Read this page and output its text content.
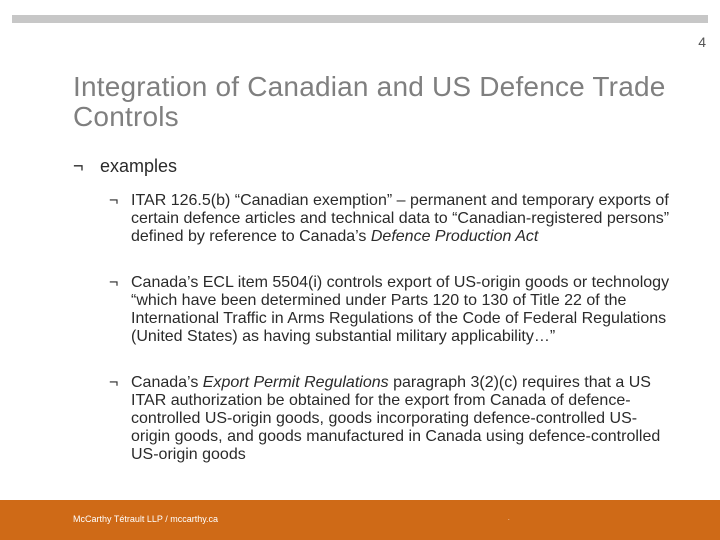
4
Integration of Canadian and US Defence Trade Controls
¬ examples
¬ ITAR 126.5(b) “Canadian exemption” – permanent and temporary exports of certain defence articles and technical data to “Canadian-registered persons” defined by reference to Canada’s Defence Production Act
¬ Canada’s ECL item 5504(i) controls export of US-origin goods or technology “which have been determined under Parts 120 to 130 of Title 22 of the International Traffic in Arms Regulations of the Code of Federal Regulations (United States) as having substantial military applicability…”
¬ Canada’s Export Permit Regulations paragraph 3(2)(c) requires that a US ITAR authorization be obtained for the export from Canada of defence-controlled US-origin goods, goods incorporating defence-controlled US-origin goods, and goods manufactured in Canada using defence-controlled US-origin goods
McCarthy Tétrault LLP / mccarthy.ca	.
